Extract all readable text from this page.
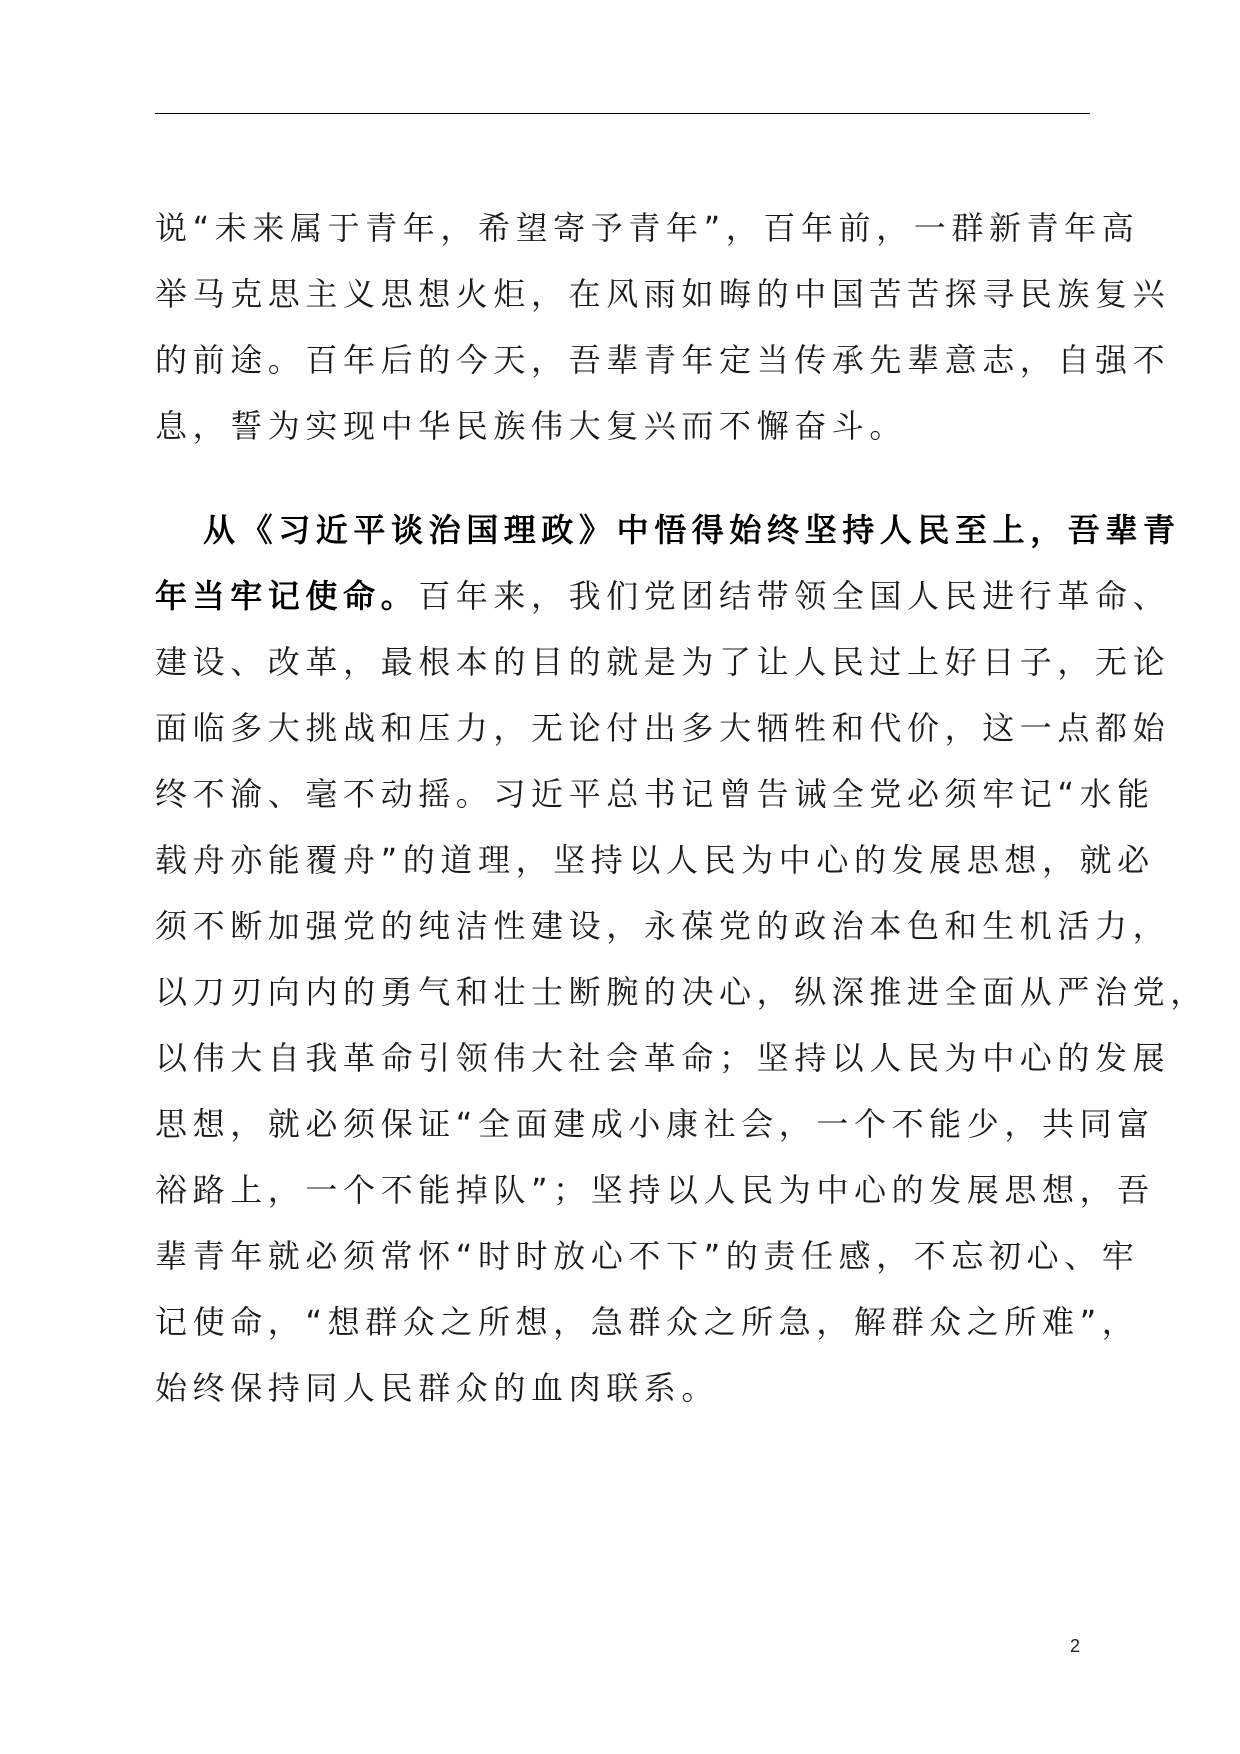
说“未来属于青年，希望寄予青年”，百年前，一群新青年高
举马克思主义思想火炬，在风雨如晦的中国苦苦探寻民族复兴
的前途。百年后的今天，吾辈青年定当传承先辈意志，自强不
息，誓为实现中华民族伟大复兴而不懈奋斗。
从《习近平谈治国理政》中悟得始终坚持人民至上，吾辈青
年当牢记使命。百年来，我们党团结带领全国人民进行革命、
建设、改革，最根本的目的就是为了让人民过上好日子，无论
面临多大挑战和压力，无论付出多大牺牲和代价，这一点都始
终不渝、毫不动摇。习近平总书记曾告诫全党必须牢记“水能
载舟亦能覆舟”的道理，坚持以人民为中心的发展思想，就必
须不断加强党的纯洁性建设，永葆党的政治本色和生机活力，
以刀刃向内的勇气和壮士断腕的决心，纵深推进全面从严治党，
以伟大自我革命引领伟大社会革命；坚持以人民为中心的发展
思想，就必须保证“全面建成小康社会，一个不能少，共同富
裕路上，一个不能掉队”；坚持以人民为中心的发展思想，吾
辈青年就必须常怀“时时放心不下”的责任感，不忘初心、牢
记使命，“想群众之所想，急群众之所急，解群众之所难”，
始终保持同人民群众的血肉联系。
2
